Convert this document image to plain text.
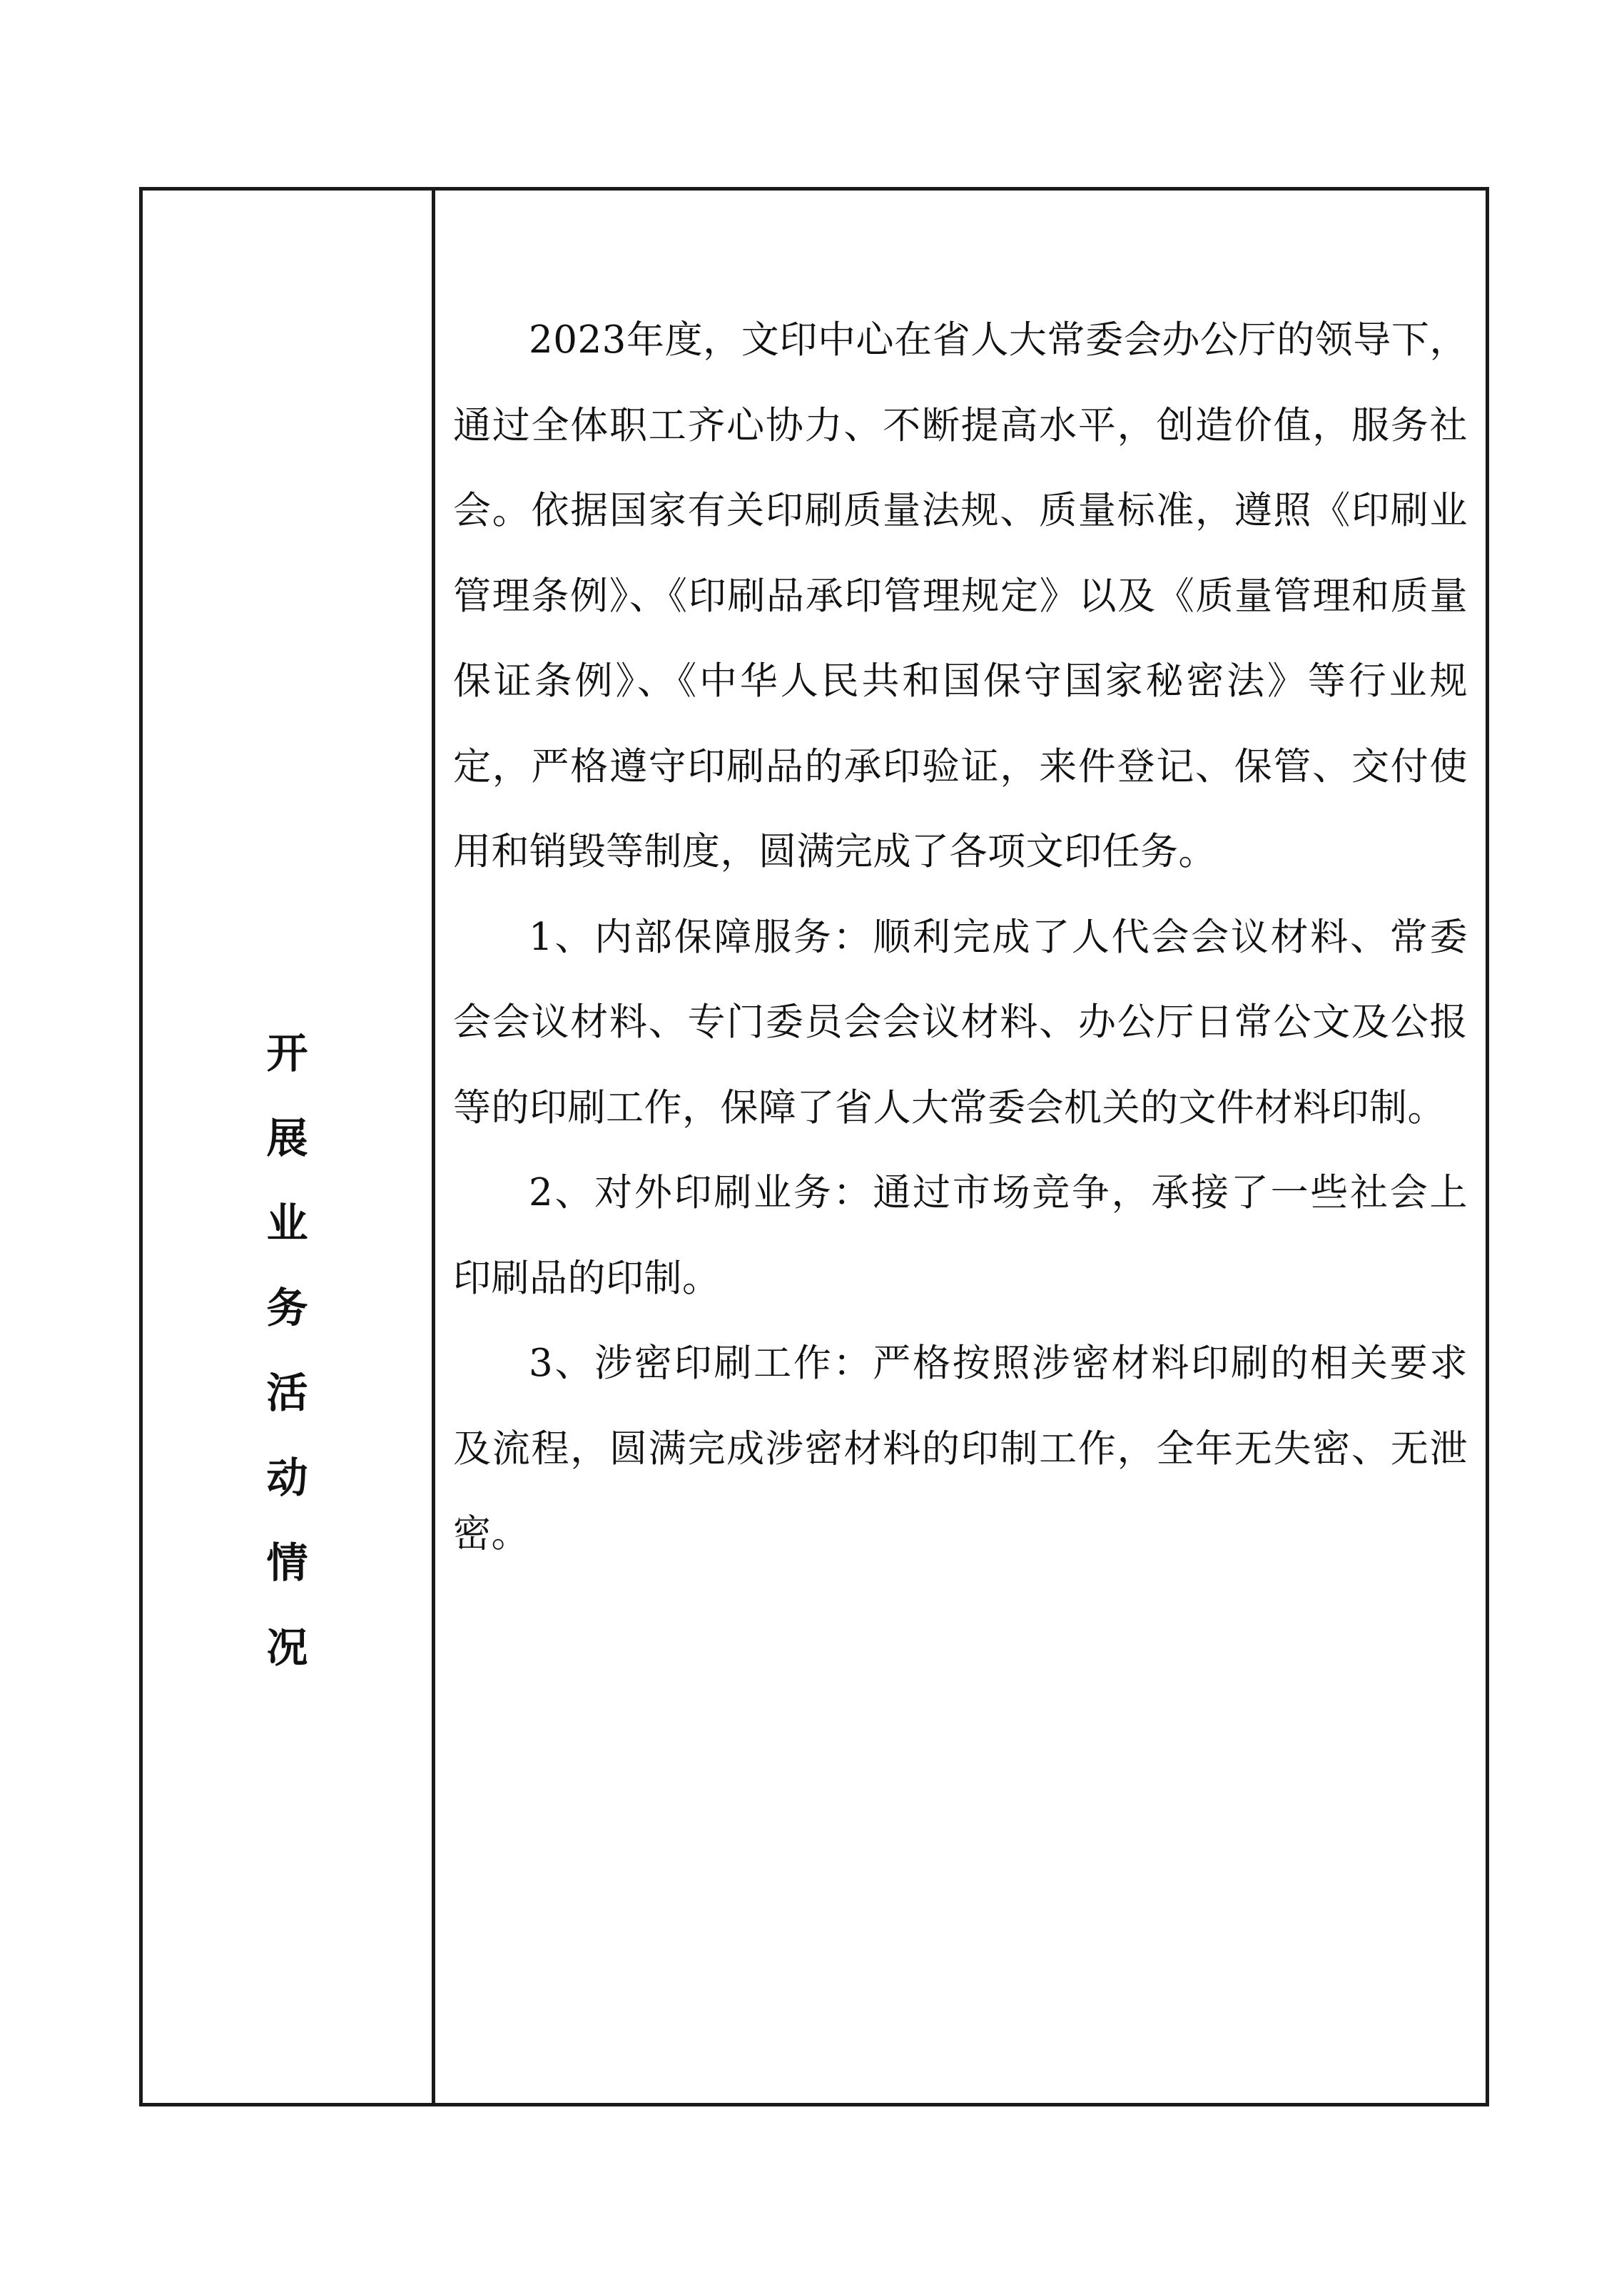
开
展
业
务
活
动
情
况

2023年度，文印中心在省人大常委会办公厅的领导下，通过全体职工齐心协力、不断提高水平，创造价值，服务社会。依据国家有关印刷质量法规、质量标准，遵照《印刷业管理条例》、《印刷品承印管理规定》以及《质量管理和质量保证条例》、《中华人民共和国保守国家秘密法》等行业规定，严格遵守印刷品的承印验证，来件登记、保管、交付使用和销毁等制度，圆满完成了各项文印任务。

1、内部保障服务：顺利完成了人代会会议材料、常委会会议材料、专门委员会会议材料、办公厅日常公文及公报等的印刷工作，保障了省人大常委会机关的文件材料印制。

2、对外印刷业务：通过市场竞争，承接了一些社会上印刷品的印制。

3、涉密印刷工作：严格按照涉密材料印刷的相关要求及流程，圆满完成涉密材料的印制工作，全年无失密、无泄密。
